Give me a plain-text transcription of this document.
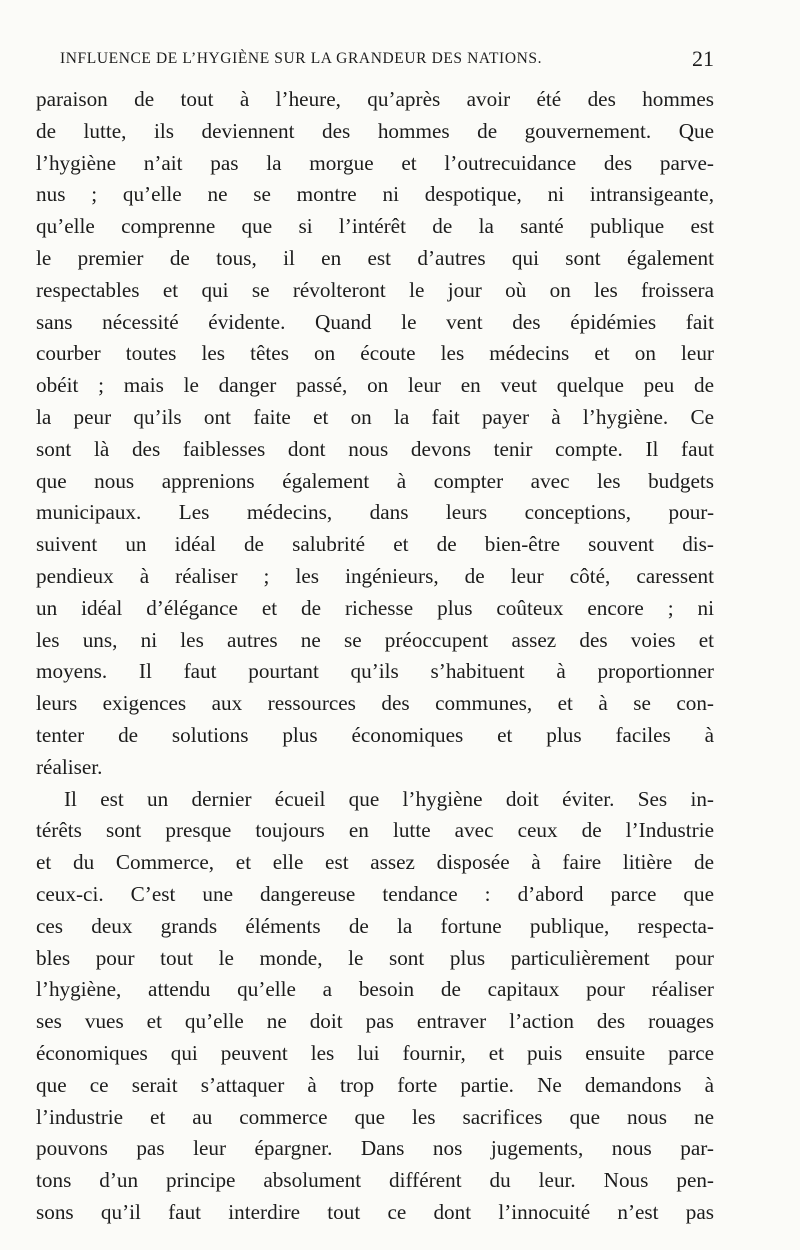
INFLUENCE DE L’HYGIÈNE SUR LA GRANDEUR DES NATIONS.	21
paraison de tout à l’heure, qu’après avoir été des hommes
de lutte, ils deviennent des hommes de gouvernement. Que
l’hygiène n’ait pas la morgue et l’outrecuidance des parve-
nus ; qu’elle ne se montre ni despotique, ni intransigeante,
qu’elle comprenne que si l’intérêt de la santé publique est
le premier de tous, il en est d’autres qui sont également
respectables et qui se révolteront le jour où on les froissera
sans nécessité évidente. Quand le vent des épidémies fait
courber toutes les têtes on écoute les médecins et on leur
obéit ; mais le danger passé, on leur en veut quelque peu de
la peur qu’ils ont faite et on la fait payer à l’hygiène. Ce
sont là des faiblesses dont nous devons tenir compte. Il faut
que nous apprenions également à compter avec les budgets
municipaux. Les médecins, dans leurs conceptions, pour-
suivent un idéal de salubrité et de bien-être souvent dis-
pendieux à réaliser ; les ingénieurs, de leur côté, caressent
un idéal d’élégance et de richesse plus coûteux encore ; ni
les uns, ni les autres ne se préoccupent assez des voies et
moyens. Il faut pourtant qu’ils s’habituent à proportionner
leurs exigences aux ressources des communes, et à se con-
tenter de solutions plus économiques et plus faciles à
réaliser.
Il est un dernier écueil que l’hygiène doit éviter. Ses in-
térêts sont presque toujours en lutte avec ceux de l’Industrie
et du Commerce, et elle est assez disposée à faire litière de
ceux-ci. C’est une dangereuse tendance : d’abord parce que
ces deux grands éléments de la fortune publique, respecta-
bles pour tout le monde, le sont plus particulièrement pour
l’hygiène, attendu qu’elle a besoin de capitaux pour réaliser
ses vues et qu’elle ne doit pas entraver l’action des rouages
économiques qui peuvent les lui fournir, et puis ensuite parce
que ce serait s’attaquer à trop forte partie. Ne demandons à
l’industrie et au commerce que les sacrifices que nous ne
pouvons pas leur épargner. Dans nos jugements, nous par-
tons d’un principe absolument différent du leur. Nous pen-
sons qu’il faut interdire tout ce dont l’innocuité n’est pas
